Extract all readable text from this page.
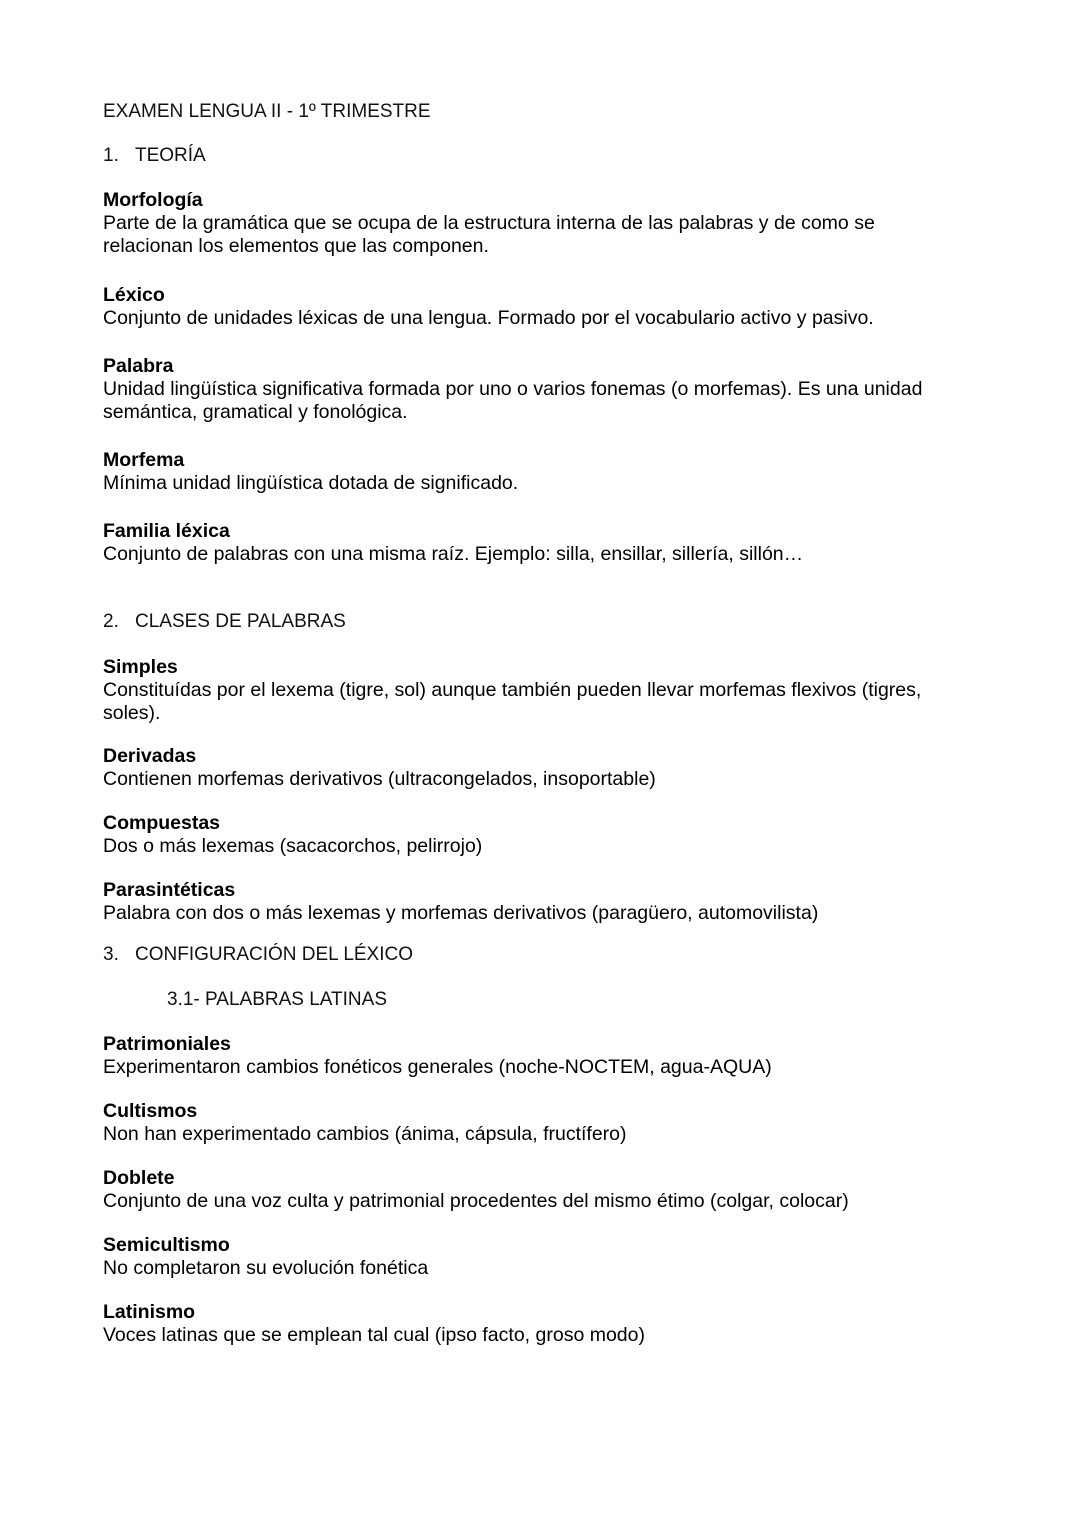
EXAMEN LENGUA II - 1º TRIMESTRE
1. TEORÍA
Morfología
Parte de la gramática que se ocupa de la estructura interna de las palabras y de como se relacionan los elementos que las componen.
Léxico
Conjunto de unidades léxicas de una lengua. Formado por el vocabulario activo y pasivo.
Palabra
Unidad lingüística significativa formada por uno o varios fonemas (o morfemas). Es una unidad semántica, gramatical y fonológica.
Morfema
Mínima unidad lingüística dotada de significado.
Familia léxica
Conjunto de palabras con una misma raíz. Ejemplo: silla, ensillar, sillería, sillón…
2. CLASES DE PALABRAS
Simples
Constituídas por el lexema (tigre, sol) aunque también pueden llevar morfemas flexivos (tigres, soles).
Derivadas
Contienen morfemas derivativos (ultracongelados, insoportable)
Compuestas
Dos o más lexemas (sacacorchos, pelirrojo)
Parasintéticas
Palabra con dos o más lexemas y morfemas derivativos (paragüero, automovilista)
3. CONFIGURACIÓN DEL LÉXICO
3.1- PALABRAS LATINAS
Patrimoniales
Experimentaron cambios fonéticos generales (noche-NOCTEM, agua-AQUA)
Cultismos
Non han experimentado cambios (ánima, cápsula, fructífero)
Doblete
Conjunto de una voz culta y patrimonial procedentes del mismo étimo (colgar, colocar)
Semicultismo
No completaron su evolución fonética
Latinismo
Voces latinas que se emplean tal cual (ipso facto, groso modo)
